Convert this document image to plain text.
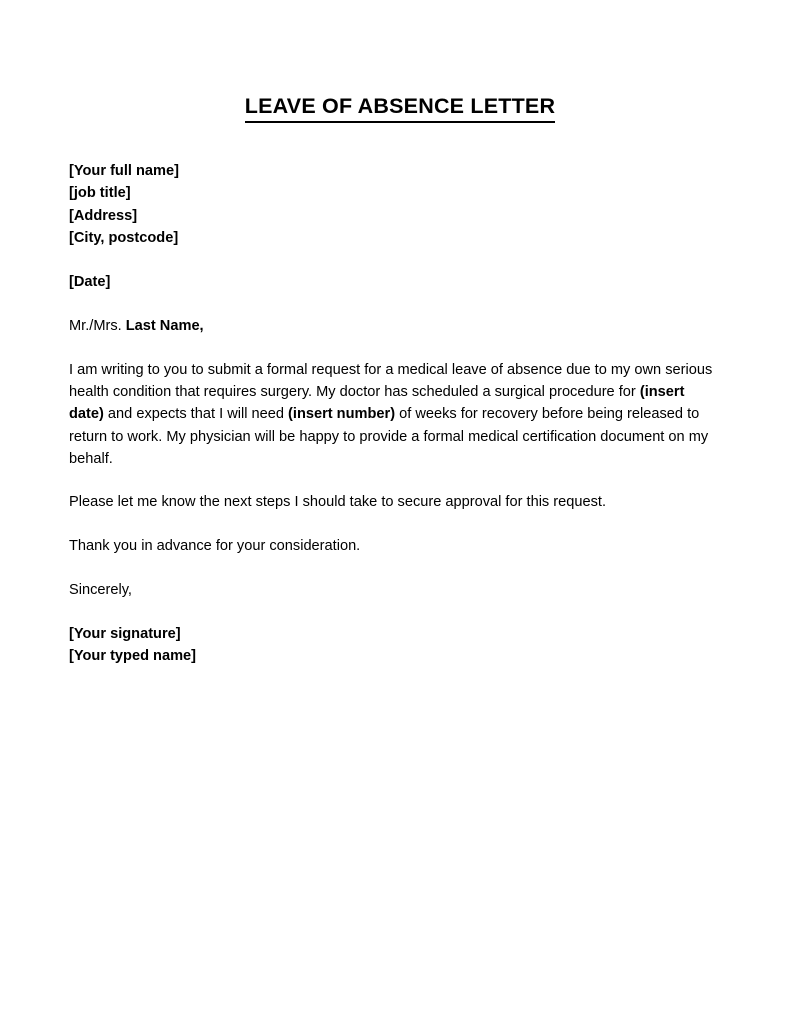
LEAVE OF ABSENCE LETTER
[Your full name]
[job title]
[Address]
[City, postcode]
[Date]
Mr./Mrs. Last Name,
I am writing to you to submit a formal request for a medical leave of absence due to my own serious health condition that requires surgery. My doctor has scheduled a surgical procedure for (insert date) and expects that I will need (insert number) of weeks for recovery before being released to return to work. My physician will be happy to provide a formal medical certification document on my behalf.
Please let me know the next steps I should take to secure approval for this request.
Thank you in advance for your consideration.
Sincerely,
[Your signature]
[Your typed name]
